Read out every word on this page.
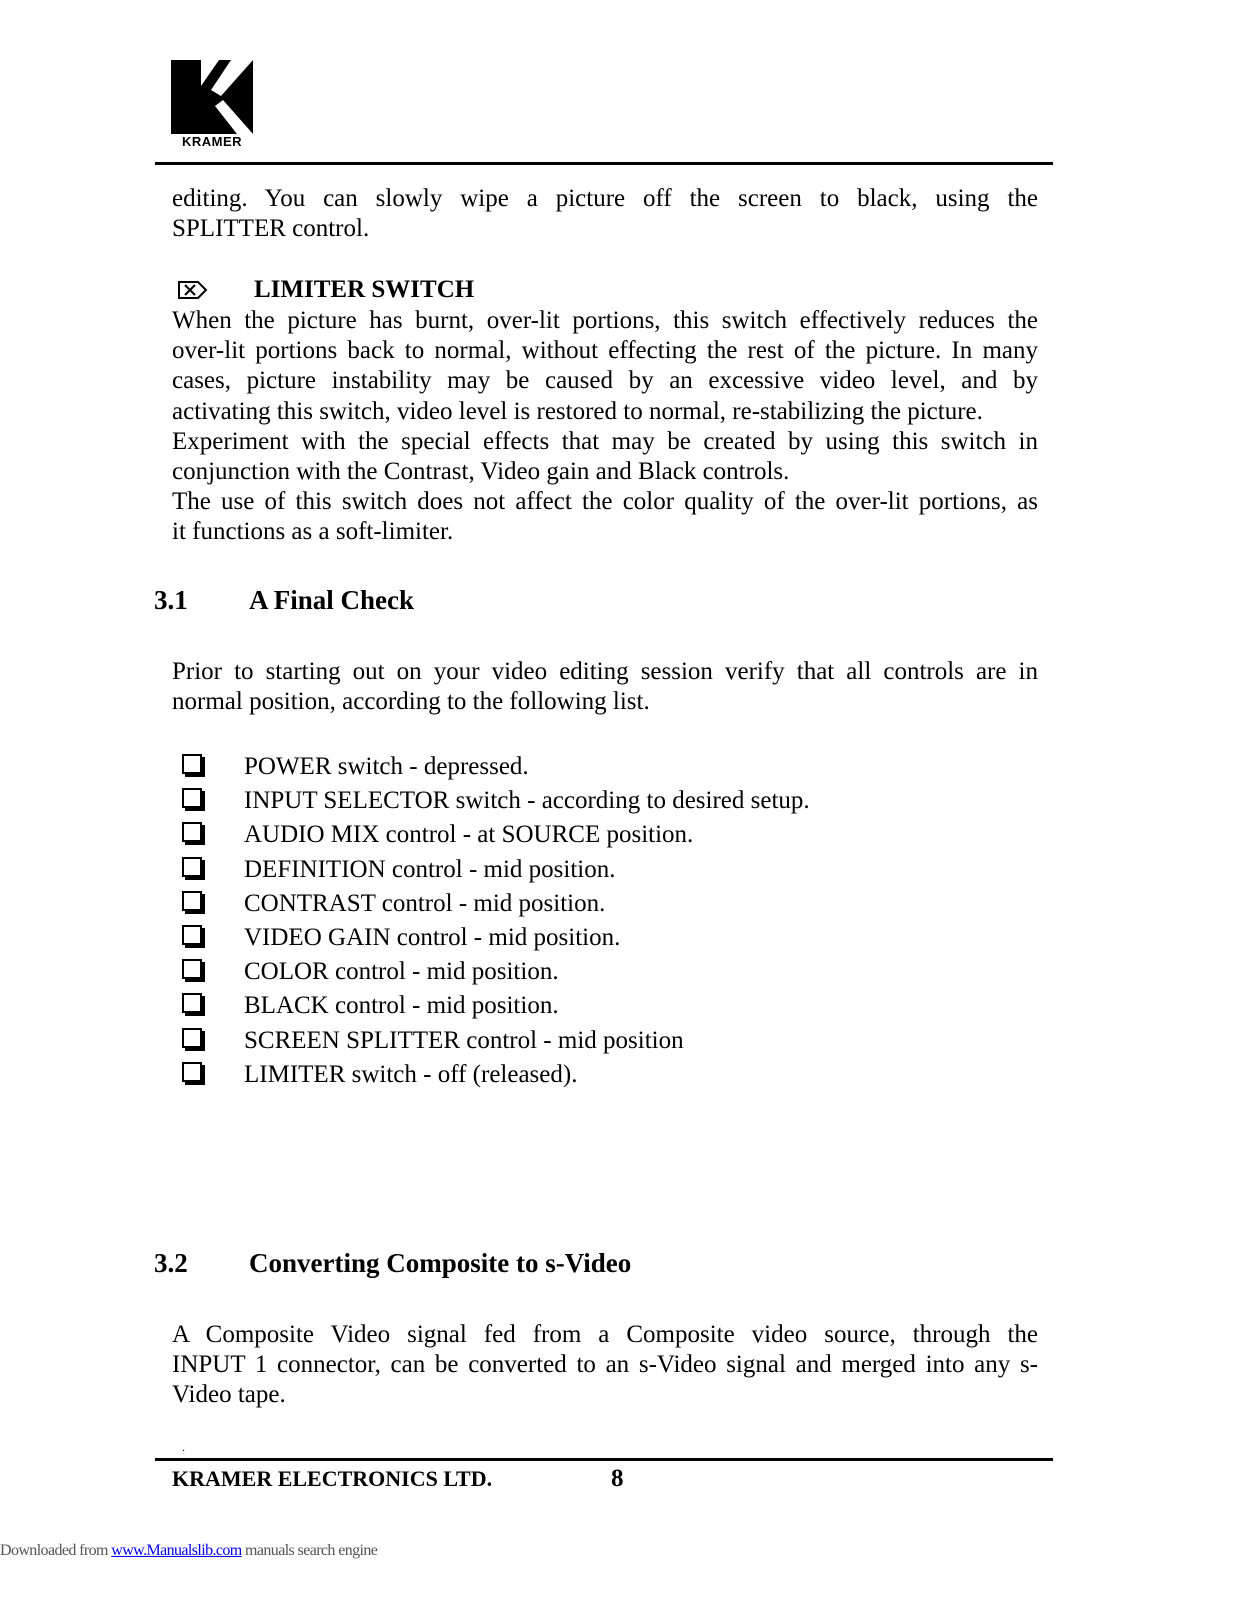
KRAMER
editing. You can slowly wipe a picture off the screen to black, using the
SPLITTER control.
LIMITER SWITCH
When the picture has burnt, over-lit portions, this switch effectively reduces the
over-lit portions back to normal, without effecting the rest of the picture. In many
cases, picture instability may be caused by an excessive video level, and by
activating this switch, video level is restored to normal, re-stabilizing the picture.
Experiment with the special effects that may be created by using this switch in
conjunction with the Contrast, Video gain and Black controls.
The use of this switch does not affect the color quality of the over-lit portions, as
it functions as a soft-limiter.
3.1 A Final Check
Prior to starting out on your video editing session verify that all controls are in
normal position, according to the following list.
POWER switch - depressed.
INPUT SELECTOR switch - according to desired setup.
AUDIO MIX control - at SOURCE position.
DEFINITION control - mid position.
CONTRAST control - mid position.
VIDEO GAIN control - mid position.
COLOR control - mid position.
BLACK control - mid position.
SCREEN SPLITTER control - mid position
LIMITER switch - off (released).
3.2 Converting Composite to s-Video
A Composite Video signal fed from a Composite video source, through the
INPUT 1 connector, can be converted to an s-Video signal and merged into any s-
Video tape.
.
KRAMER ELECTRONICS LTD.	8
Downloaded from www.Manualslib.com manuals search engine
